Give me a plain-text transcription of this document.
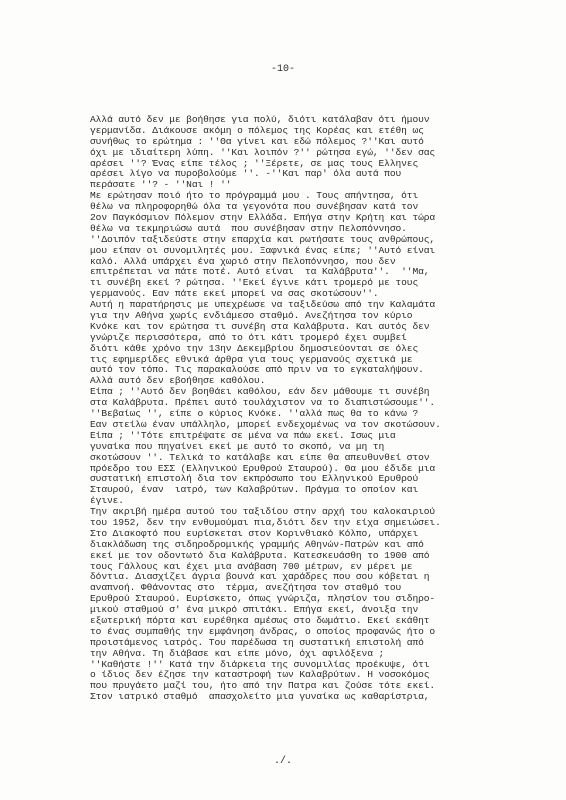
-10-
Αλλά αυτό δεν με βοήθησε για πολύ, διότι κατάλαβαν ότι ήμουν
γερμανίδα. Διάκουσε ακόμη ο πόλεμος της Κορέας και ετέθη ως
συνήθως το ερώτημα : ''Θα γίνει και εδώ πόλεμος ?''Και αυτό
όχι με ιδιαίτερη λύπη. ''Και λοιπόν ?'' ρώτησα εγώ, ''δεν σας
αρέσει ''? Ένας είπε τέλος ; ''Ξέρετε, σε μας τους Ελληνες
αρέσει λίγο να πυροβολούμε ''. -''Και παρ' όλα αυτά που
περάσατε ''? - ''Ναι ! ''
Με ερώτησαν ποιό ήτο το πρόγραμμά μου . Τους απήντησα, ότι
θέλω να πληροφορηθώ όλα τα γεγονότα που συνέβησαν κατά τον
2ον Παγκόσμιον Πόλεμον στην Ελλάδα. Επήγα στην Κρήτη και τώρα
θέλω να τεκμηριώσω αυτά  που συνέβησαν στην Πελοπόννησο.
''Δοιπόν ταξιδεύστε στην επαρχία και ρωτήσατε τους ανθρώπους,
μου είπαν οι συνομιλητές μου. Ξαφνικά ένας είπε; ''Αυτό είναι
καλό. Αλλά υπάρχει ένα χωριό στην Πελοπόννησο, που δεν
επιτρέπεται να πάτε ποτέ. Αυτό είναι  τα Καλάβρυτα''.  ''Μα,
τι συνέβη εκεί ? ρώτησα. ''Εκεί έγινε κάτι τρομερό με τους
γερμανούς. Εαν πάτε εκεί μπορεί να σας σκοτώσουν''.
Αυτή η παρατήρησις με υπεχρέωσε να ταξιδεύσω από την Καλαμάτα
για την Αθήνα χωρίς ενδιάμεσο σταθμό. Ανεζήτησα τον κύριο
Κνόκε και τον ερώτησα τι συνέβη στα Καλάβρυτα. Και αυτός δεν
γνώριζε περισσότερα, από το ότι κάτι τρομερό έχει συμβεί
διότι κάθε χρόνο την 13ην Δεκεμβρίου δημοσιεύονται σε όλες
τις εφημερίδες εθνικά άρθρα για τους γερμανούς σχετικά με
αυτό τον τόπο. Τις παρακαλούσε από πριν να το εγκαταλήψουν.
Αλλά αυτό δεν εβοήθησε καθόλου.
Είπα ; ''Αυτό δεν βοηθάει καθόλου, εάν δεν μάθουμε τι συνέβη
στα Καλάβρυτα. Πρέπει αυτό τουλάχιστον να το διαπιστώσουμε''.
''Βεβαίως '', είπε ο κύριος Κνόκε. ''αλλά πως θα το κάνω ?
Εαν στείλω έναν υπάλληλο, μπορεί ενδεχομένως να τον σκοτώσουν.
Είπα ; ''Τότε επιτρέψατε σε μένα να πάω εκεί. Ισως μια
γυναίκα που πηγαίνει εκεί με αυτό το σκοπό, να μη τη
σκοτώσουν ''. Τελικά το κατάλαβε και είπε θα απευθυνθεί στον
πρόεδρο του ΕΣΣ (Ελληνικού Ερυθρού Σταυρού). Θα μου έδιδε μια
συστατική επιστολή δια τον εκπρόσωπο του Ελληνικού Ερυθρού
Σταυρού, έναν  ιατρό, των Καλαβρύτων. Πράγμα το οποίον και
έγινε.
Την ακριβή ημέρα αυτού του ταξιδίου στην αρχή του καλοκαιριού
του 1952, δεν την ενθυμούμαι πια,διότι δεν την είχα σημειώσει.
Στο Διακοφτό που ευρίσκεται στον Κορινθιακό Κόλπο, υπάρχει
διακλάδωση της σιδηροδρομικής γραμμής Αθηνών-Πατρών και από
εκεί με τον οδοντωτό δια Καλάβρυτα. Κατεσκευάσθη το 1900 από
τους Γάλλους και έχει μια ανάβαση 700 μέτρων, εν μέρει με
δόντια. Διασχίζει άγρια βουνά και χαράδρες που σου κόβεται η
αναπνοή. Φθάνοντας στο  τέρμα, ανεζήτησα τον σταθμό του
Ερυθρού Σταυρού. Ευρίσκετο, όπως γνώριζα, πλησίον του σιδηρο-
μικού σταθμού σ' ένα μικρό σπιτάκι. Επήγα εκεί, άνοιξα την
εξωτερική πόρτα και ευρέθηκα αμέσως στο δωμάτιο. Εκεί εκάθητ
το ένας συμπαθής την εμφάνηση άνδρας, ο οποίος προφανώς ήτο ο
προιστάμενος ιατρός. Του παρέδωσα τη συστατική επιστολή από
την Αθήνα. Τη διάβασε και είπε μόνο, όχι αφιλόξενα ;
''Καθήστε !'' Κατά την διάρκεια της συνομιλίας προέκυψε, ότι
ο ίδιος δεν έζησε την καταστροφή των Καλαβρύτων. Η νοσοκόμος
που πρυγάετο μαζί του, ήτο από την Πατρα και ζούσε τότε εκεί.
Στον ιατρικό σταθμό  απασχολείτο μια γυναίκα ως καθαρίστρια,
./.
